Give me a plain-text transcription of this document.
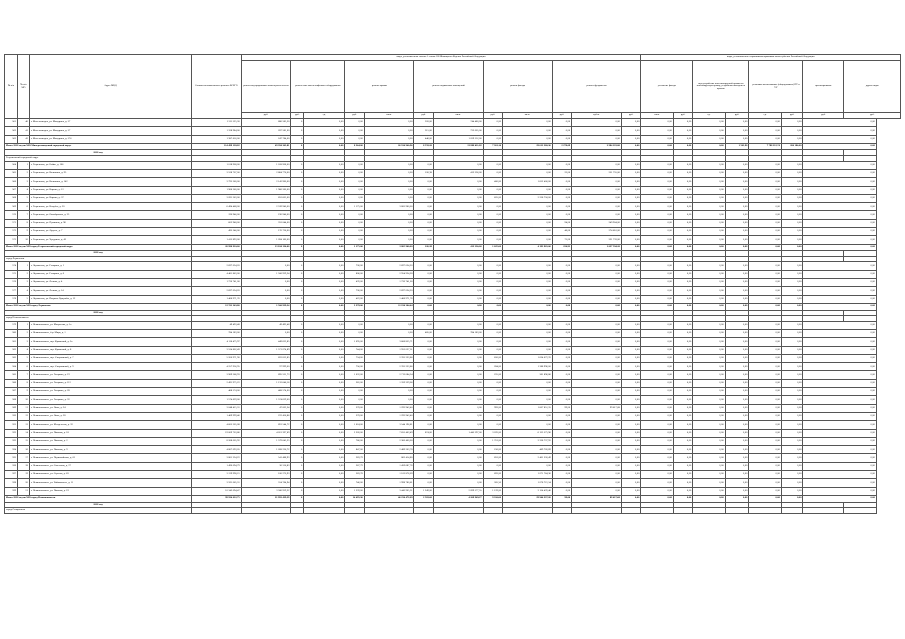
№ п/п	№ п/п МО	Адрес МКД	Стоимость капитального ремонта ВСЕГО	виды, установленные частью 1 статьи 166 Жилищного Кодекса Российской Федерации												виды, установленные нормативным правовым актом субъекта Российской Федерации							
				ремонт внутридомовых инженерных систем	ремонт или замена лифтового оборудования		ремонт крыши		ремонт подвальных помещений		ремонт фасада		ремонт фундамента			утепление фасада		переустройство невентилируемой крыши на вентилируемую крышу, устройство выходов на кровлю		установка коллективных (общедомовых) ПУ и УУ		проектирование	другие виды
				руб.	руб.	ед.	руб.	кв.м.	руб.	кв.м.	руб.	кв.м.	руб.	куб.м.	руб.	кв.м.	руб.	ед.	руб.	ед.	руб.	руб.	руб.
561	40	г. Железноводск, ул. Мичурина, д. 57	1 311 525,30	880 585,30	0	0,00	0,00	0,00	320,00	744 480,00	0,00	0,00	0,00	0,00	0,00	0,00	0,00	0,00	0,00	0,00	0,00	0,00	
562	41	г. Железноводск, ул. Мичурина, д. 57	1 328 984,00	287 581,00	0	0,00	0,00	0,00	315,00	733 005,00	0,00	0,00	0,00	0,00	0,00	0,00	0,00	0,00	0,00	0,00	0,00	0,00	
563	42	г. Железноводск, ул. Мичурина, д. 57б	1 387 616,00	247 784,00	0	0,00	0,00	0,00	446,00	1 039 352,00	0,00	0,00	0,00	0,00	0,00	0,00	0,00	0,00	0,00	0,00	0,00	0,00	
Итого 2018 год по МО Минераловодский городской округ			114 499 128,82	49 394 363,81	0	0,00	8 364,00	26 914 940,96	8 559,20	13 888 611,82	7 301,14	29 612 280,36	2 278,09	2 984 219,80	0,00	0,00	0,00	0,00	1 561,90	7 788 212,74	206 186,00	0,00	
2018 год																							
Георгиевский городской округ																							
564	1	г. Георгиевск, ул. Бойко, д. 106	1 018 908,00	1 018 908,00	0	0,00	0,00	0,00	0,00	0,00	0,00	0,00	0,00	0,00	0,00	0,00	0,00	0,00	0,00	0,00	0,00	0,00	
565	2	г. Георгиевск, ул. Калинина, д. 95	3 528 707,00	2 864 776,00	0	0,00	0,00	0,00	126,38	412 336,00	0,00	0,00	23,00	251 755,00	0,00	0,00	0,00	0,00	0,00	0,00	0,00	0,00	
566	3	г. Георгиевск, ул. Калинина, д. 142	3 795 360,00	2 142 960,00	0	0,00	0,00	0,00	0,00	0,00	400,00	1 652 400,00	0,00	0,00	0,00	0,00	0,00	0,00	0,00	0,00	0,00	0,00	
567	4	г. Георгиевск, ул. Кирова, д. 12	1 966 260,00	1 966 260,00	0	0,00	0,00	0,00	0,00	0,00	0,00	0,00	0,00	0,00	0,00	0,00	0,00	0,00	0,00	0,00	0,00	0,00	
568	5	г. Георгиевск, ул. Кирова, д. 37	3 091 363,00	852 605,00	0	0,00	0,00	0,00	0,00	0,00	625,00	2 238 758,00	0,00	0,00	0,00	0,00	0,00	0,00	0,00	0,00	0,00	0,00	
569	6	г. Георгиевск, ул. Кочубея, д. 20	6 494 468,00	2 539 940,00	0	0,00	1 175,00	3 805 960,00	0,00	0,00	0,00	0,00	0,00	0,00	0,00	0,00	0,00	0,00	0,00	0,00	0,00	0,00	
570	7	г. Георгиевск, ул. Октябрьская, д. 25	190 946,00	190 946,00	0	0,00	0,00	0,00	0,00	0,00	0,00	0,00	0,00	0,00	0,00	0,00	0,00	0,00	0,00	0,00	0,00	0,00	
571	8	г. Георгиевск, ул. Пушкина, д. 96	602 948,00	353 044,00	0	0,00	0,00	0,00	0,00	0,00	0,00	0,00	94,00	249 904,00	0,00	0,00	0,00	0,00	0,00	0,00	0,00	0,00	
572	9	г. Георгиевск, ул. Фрунзе, д. 7	495 346,00	170 736,00	0	0,00	0,00	0,00	0,00	0,00	0,00	0,00	46,00	274 610,00	0,00	0,00	0,00	0,00	0,00	0,00	0,00	0,00	
573	10	г. Георгиевск, ул. Чугурина, д. 42	1 415 893,00	1 094 160,00	0	0,00	0,00	0,00	0,00	0,00	0,00	0,00	75,00	321 733,00	0,00	0,00	0,00	0,00	0,00	0,00	0,00	0,00	
Итого 2018 год по МО город Георгиевский городской округ			20 990 910,00	13 184 126,00	0	0,00	1 175,00	3 805 960,00	126,38	412 336,00	1 025,00	4 192 905,00	224,91	1 627 594,20	0,00	0,00	0,00	0,00	0,00	0,00	0,00	0,00	
2018 год																							
город Лермонтов																							
574	1	г. Лермонтов, ул. Гагарина, д. 1	2 697 034,20	0,00	0	0,00	736,00	2 697 034,20	0,00	0,00	0,00	0,00	0,00	0,00	0,00	0,00	0,00	0,00	0,00	0,00	0,00	0,00	
575	2	г. Лермонтов, ул. Гагарина, д. 6	4 461 863,00	1 506 939,24	0	0,00	806,00	2 954 924,28	0,00	0,00	0,00	0,00	0,00	0,00	0,00	0,00	0,00	0,00	0,00	0,00	0,00	0,00	
576	3	г. Лермонтов, ул. Ленина, д. 4	1 720 741,00	0,00	0	0,00	476,00	1 720 741,00	0,00	0,00	0,00	0,00	0,00	0,00	0,00	0,00	0,00	0,00	0,00	0,00	0,00	0,00	
577	4	г. Лермонтов, ул. Ленина, д. 14	2 697 034,20	0,00	0	0,00	736,00	2 697 034,20	0,00	0,00	0,00	0,00	0,00	0,00	0,00	0,00	0,00	0,00	0,00	0,00	0,00	0,00	
578	5	г. Лермонтов, ул. Патриса Лумумбы, д. 12	1 466 971,76	0,00	0	0,00	422,00	1 466 971,76	0,00	0,00	0,00	0,00	0,00	0,00	0,00	0,00	0,00	0,00	0,00	0,00	0,00	0,00	
Итого 2018 год по МО город Лермонтов			12 701 243,80	1 506 939,24	0	0,00	3 278,00	11 194 304,44	0,00	0,00	0,00	0,00	0,00	0,00	0,00	0,00	0,00	0,00	0,00	0,00	0,00	0,00	
2018 год																							
город Невинномысск																							
579	1	г. Невинномысск, ул. Матросова, д. 1а	49 493,48	49 493,48	0	0,00	0,00	0,00	0,00	0,00	0,00	0,00	0,00	0,00	0,00	0,00	0,00	0,00	0,00	0,00	0,00	0,00	
580	2	г. Невинномысск, б-р. Мира, д. 1	784 183,00	0,00	0	0,00	0,00	0,00	485,00	784 183,00	0,00	0,00	0,00	0,00	0,00	0,00	0,00	0,00	0,00	0,00	0,00	0,00	
581	3	г. Невинномысск, пер. Крымский, д. 2а	4 116 475,97	449 633,85	0	0,00	1 095,00	3 666 855,71	0,00	0,00	0,00	0,00	0,00	0,00	0,00	0,00	0,00	0,00	0,00	0,00	0,00	0,00	
582	4	г. Невинномысск, пер. Крымский, д. 8	3 524 802,49	1 571 074,89	0	0,00	744,00	1 953 027,51	0,00	0,00	0,00	0,00	0,00	0,00	0,00	0,00	0,00	0,00	0,00	0,00	0,00	0,00	
583	5	г. Невинномысск, пер. Спортивный, д. 7	5 200 971,90	822 813,85	0	0,00	734,00	2 765 233,86	0,00	0,00	810,00	1 624 072,76	0,00	0,00	0,00	0,00	0,00	0,00	0,00	0,00	0,00	0,00	
584	6	г. Невинномысск, пер. Спортивный, д. 9	4 257 956,95	97 999,00	0	0,00	756,00	2 765 233,86	0,00	0,00	284,00	1 388 996,00	0,00	0,00	0,00	0,00	0,00	0,00	0,00	0,00	0,00	0,00	
585	7	г. Невинномысск, ул. Гагарина, д. 19	3 969 366,93	895 531,73	0	0,00	1 032,00	2 712 084,34	0,00	0,00	225,00	361 896,86	0,00	0,00	0,00	0,00	0,00	0,00	0,00	0,00	0,00	0,00	
586	8	г. Невинномысск, ул. Гагарина, д. 112	2 491 975,22	1 132 646,16	0	0,00	381,00	1 359 329,06	0,00	0,00	0,00	0,00	0,00	0,00	0,00	0,00	0,00	0,00	0,00	0,00	0,00	0,00	
587	9	г. Невинномысск, ул. Гагарина, д. 28	468 574,00	468 574,00	0	0,00	0,00	0,00	0,00	0,00	0,00	0,00	0,00	0,00	0,00	0,00	0,00	0,00	0,00	0,00	0,00	0,00	
588	10	г. Невинномысск, ул. Гагарина, д. 32	1 574 639,00	1 574 639,00	0	0,00	0,00	0,00	0,00	0,00	0,00	0,00	0,00	0,00	0,00	0,00	0,00	0,00	0,00	0,00	0,00	0,00	
589	11	г. Невинномысск, ул. Линя, д. 24	3 048 415,31	47 003,34	0	0,00	378,00	1 293 943,40	0,00	0,00	993,00	1 607 851,35	99,00	99 617,68	0,00	0,00	0,00	0,00	0,00	0,00	0,00	0,00	
590	12	г. Невинномысск, ул. Линя, д. 28	1 469 999,46	222 456,86	0	0,00	378,00	1 293 943,40	0,00	0,00	0,00	0,00	0,00	0,00	0,00	0,00	0,00	0,00	0,00	0,00	0,00	0,00	
591	13	г. Невинномысск, ул. Менделеева, д. 32	4 605 305,08	891 544,72	0	0,00	1 024,00	3 544 196,81	0,00	0,00	0,00	0,00	0,00	0,00	0,00	0,00	0,00	0,00	0,00	0,00	0,00	0,00	
592	14	г. Невинномысск, ул. Павлова, д. 18	19 009 703,86	4 021 397,69	0	0,00	2 326,00	7 655 403,49	874,00	1 445 397,00	3 070,00	6 133 575,96	0,00	0,00	0,00	0,00	0,00	0,00	0,00	0,00	0,00	0,00	
593	15	г. Невинномысск, ул. Павлова, д. 2	8 268 005,92	1 579 645,25	0	0,00	766,00	2 360 400,00	0,00	0,00	1 701,00	3 328 737,92	0,00	0,00	0,00	0,00	0,00	0,00	0,00	0,00	0,00	0,00	
594	16	г. Невинномысск, ул. Павлова, д. 9	4 807 093,05	1 268 226,72	0	0,00	847,00	2 489 203,78	0,00	0,00	216,00	469 726,89	0,00	0,00	0,00	0,00	0,00	0,00	0,00	0,00	0,00	0,00	
595	17	г. Невинномысск, ул. Первомайская, д. 61	3 801 234,22	541 488,93	0	0,00	283,79	863 414,80	0,00	0,00	853,00	2 401 330,49	0,00	0,00	0,00	0,00	0,00	0,00	0,00	0,00	0,00	0,00	
596	18	г. Невинномысск, ул. Советская, д. 27	1 490 094,79	30 316,83	0	0,00	267,79	1 459 687,76	0,00	0,00	0,00	0,00	0,00	0,00	0,00	0,00	0,00	0,00	0,00	0,00	0,00	0,00	
597	19	г. Невинномысск, ул. Строева, д. 63	3 129 998,21	100 270,93	0	0,00	383,78	1 102 876,09	0,00	0,00	693,00	1 071 784,36	0,00	0,00	0,00	0,00	0,00	0,00	0,00	0,00	0,00	0,00	
598	20	г. Невинномысск, ул. Чайковского, д. 11	3 591 065,31	314 764,94	0	0,00	746,00	1 998 780,61	0,00	0,00	305,50	1 078 721,34	0,00	0,00	0,00	0,00	0,00	0,00	0,00	0,00	0,00	0,00	
599	21	г. Невинномысск, ул. Павлова, д. 19	10 342 094,47	3 580 959,32	0	0,00	1 339,00	3 443 905,31	1 249,00	2 099 577,55	1 129,00	3 154 476,46	0,00	0,00	0,00	0,00	0,00	0,00	0,00	0,00	0,00	0,00	
Итого 2018 год по МО город Невинномысск			99 924 012,75	21 993 429,29	0	0,00	14 495,36	46 234 472,09	2 583,00	4 269 949,27	9 316,00	29 946 237,26	99,00	89 617,68	0,00	0,00	0,00	0,00	0,00	0,00	0,00	0,00	
2018 год																							
город Ставрополь																							
